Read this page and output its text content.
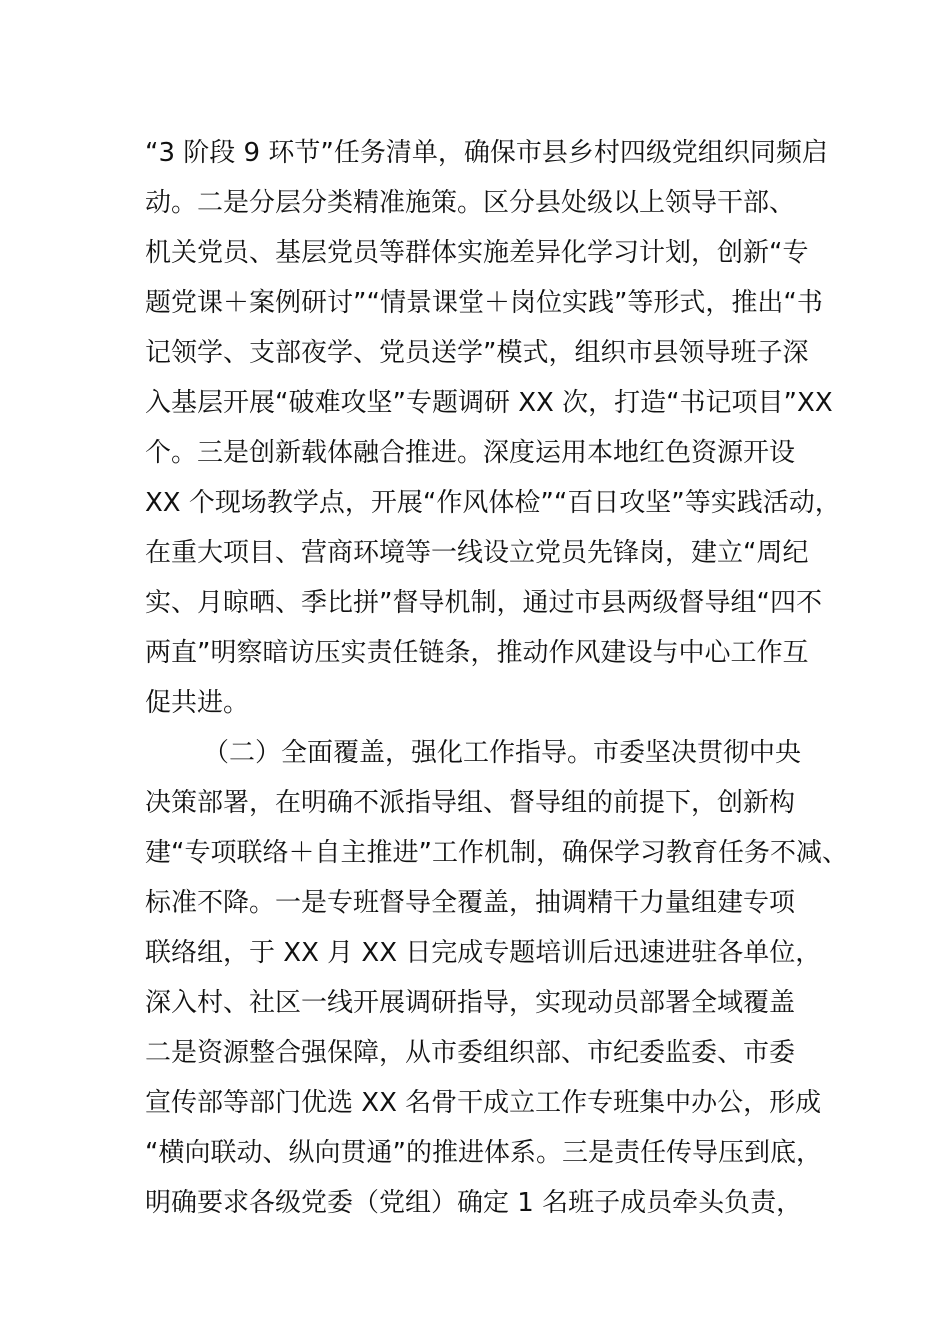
“3 阶段 9 环节”任务清单，确保市县乡村四级党组织同频启
动。二是分层分类精准施策。区分县处级以上领导干部、
机关党员、基层党员等群体实施差异化学习计划，创新“专
题党课＋案例研讨”“情景课堂＋岗位实践”等形式，推出“书
记领学、支部夜学、党员送学”模式，组织市县领导班子深
入基层开展“破难攻坚”专题调研 XX 次，打造“书记项目”XX
个。三是创新载体融合推进。深度运用本地红色资源开设
XX 个现场教学点，开展“作风体检”“百日攻坚”等实践活动，
在重大项目、营商环境等一线设立党员先锋岗，建立“周纪
实、月晾晒、季比拼”督导机制，通过市县两级督导组“四不
两直”明察暗访压实责任链条，推动作风建设与中心工作互
促共进。
（二）全面覆盖，强化工作指导。市委坚决贯彻中央
决策部署，在明确不派指导组、督导组的前提下，创新构
建“专项联络＋自主推进”工作机制，确保学习教育任务不减、
标准不降。一是专班督导全覆盖，抽调精干力量组建专项
联络组，于 XX 月 XX 日完成专题培训后迅速进驻各单位，
深入村、社区一线开展调研指导，实现动员部署全域覆盖
二是资源整合强保障，从市委组织部、市纪委监委、市委
宣传部等部门优选 XX 名骨干成立工作专班集中办公，形成
“横向联动、纵向贯通”的推进体系。三是责任传导压到底，
明确要求各级党委（党组）确定 1 名班子成员牵头负责，
